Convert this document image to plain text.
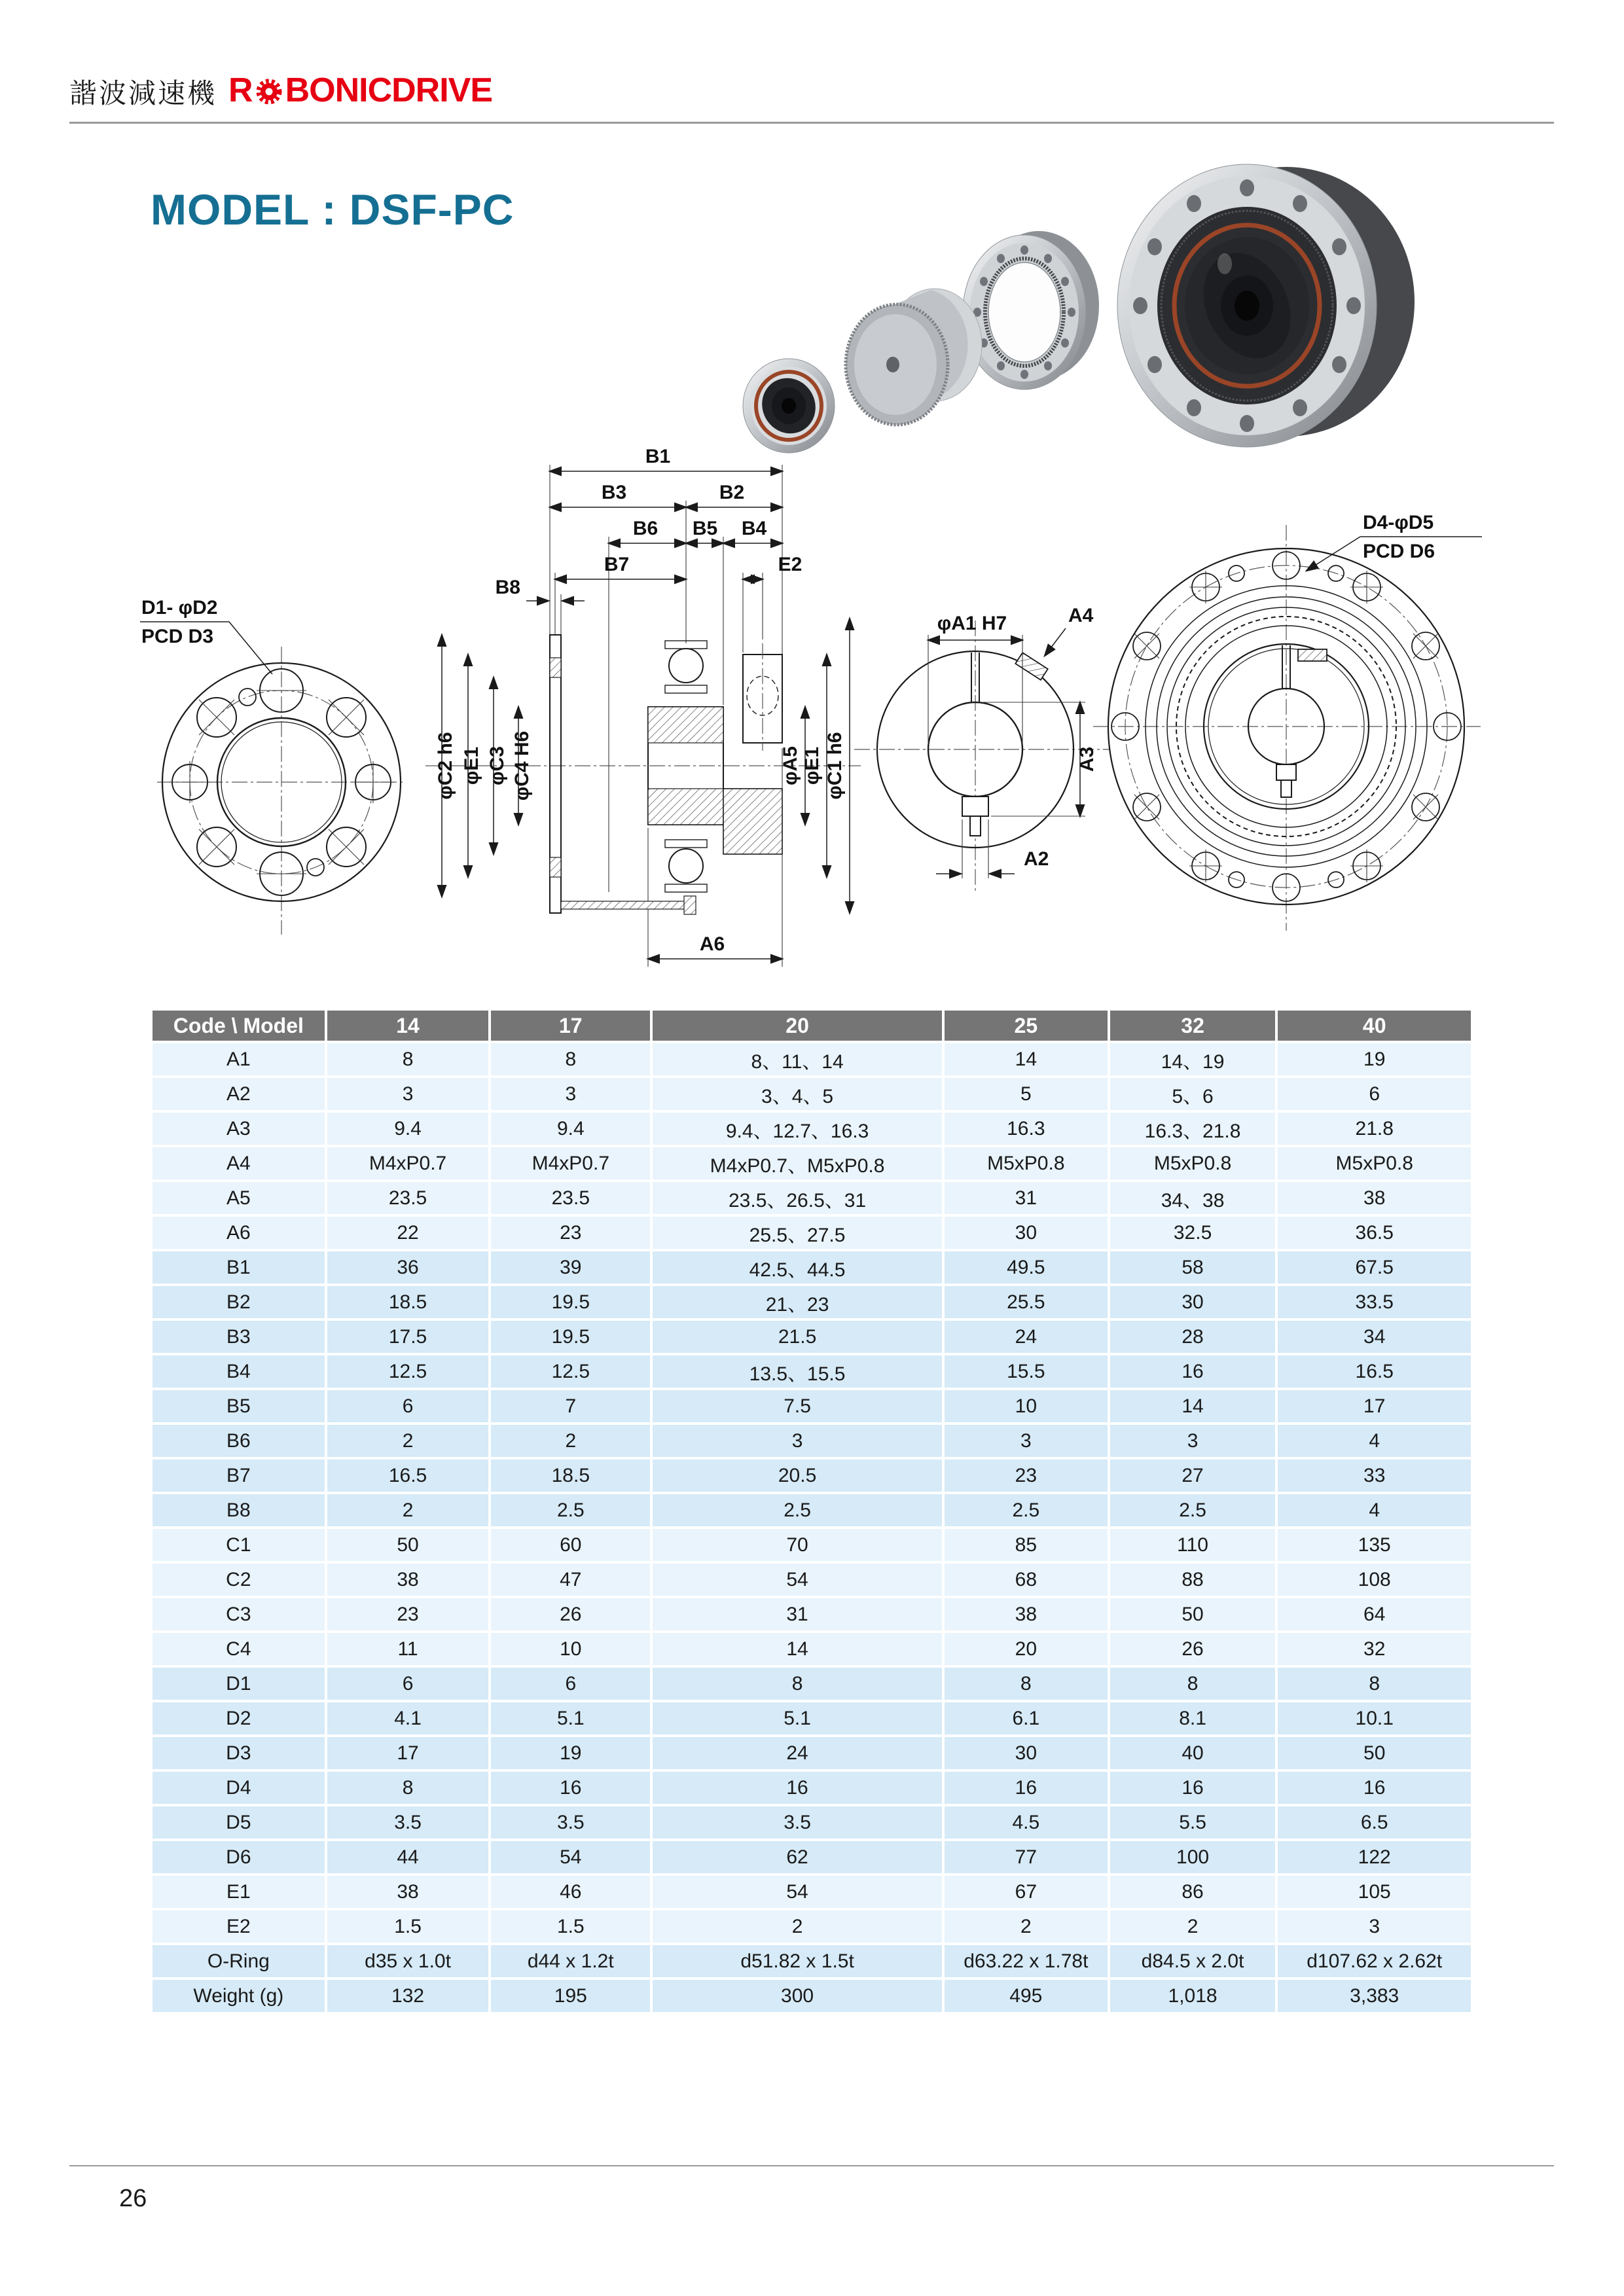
諧波減速機 R BONICDRIVE
MODEL : DSF-PC
D1- φD2
PCD D3
B1
B3	B2
B6 B5 B4
B7	E2
B8
A6
φC2 h6 φE1 φC3 φC4 H6	φA5 φE1 φC1 h6
φA1 H7	A4
A3
A2
D4-φD5
PCD D6
Code \ Model	14	17	20	25	32	40
A1	8	8	8、11、14	14	14、19	19
A2	3	3	3、4、5	5	5、6	6
A3	9.4	9.4	9.4、12.7、16.3	16.3	16.3、21.8	21.8
A4	M4xP0.7	M4xP0.7	M4xP0.7、M5xP0.8	M5xP0.8	M5xP0.8	M5xP0.8
A5	23.5	23.5	23.5、26.5、31	31	34、38	38
A6	22	23	25.5、27.5	30	32.5	36.5
B1	36	39	42.5、44.5	49.5	58	67.5
B2	18.5	19.5	21、23	25.5	30	33.5
B3	17.5	19.5	21.5	24	28	34
B4	12.5	12.5	13.5、15.5	15.5	16	16.5
B5	6	7	7.5	10	14	17
B6	2	2	3	3	3	4
B7	16.5	18.5	20.5	23	27	33
B8	2	2.5	2.5	2.5	2.5	4
C1	50	60	70	85	110	135
C2	38	47	54	68	88	108
C3	23	26	31	38	50	64
C4	11	10	14	20	26	32
D1	6	6	8	8	8	8
D2	4.1	5.1	5.1	6.1	8.1	10.1
D3	17	19	24	30	40	50
D4	8	16	16	16	16	16
D5	3.5	3.5	3.5	4.5	5.5	6.5
D6	44	54	62	77	100	122
E1	38	46	54	67	86	105
E2	1.5	1.5	2	2	2	3
O-Ring	d35 x 1.0t	d44 x 1.2t	d51.82 x 1.5t	d63.22 x 1.78t	d84.5 x 2.0t	d107.62 x 2.62t
Weight (g)	132	195	300	495	1,018	3,383
26
